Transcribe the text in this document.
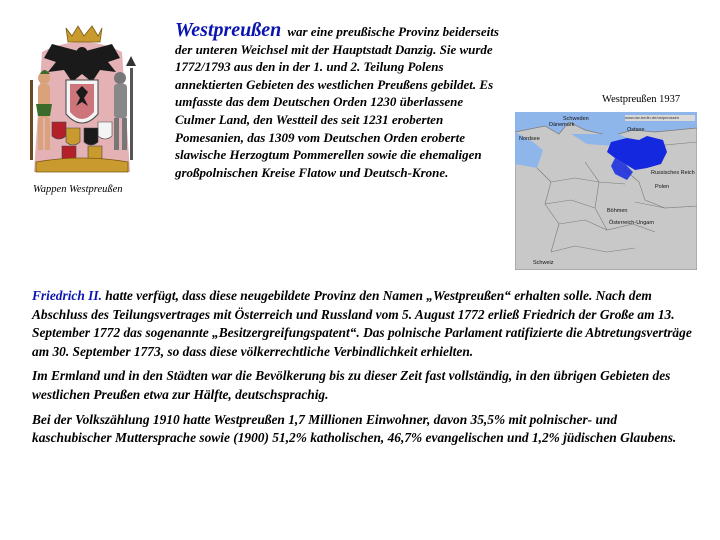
Wappen Westpreußen
Westpreußen war eine preußische Provinz beiderseits der unteren Weichsel mit der Hauptstadt Danzig. Sie wurde 1772/1793 aus den in der 1. und 2. Teilung Polens annektierten Gebieten des westlichen Preußens gebildet. Es umfasste das dem Deutschen Orden 1230 überlassene Culmer Land, den Westteil des seit 1231 eroberten Pomesanien, das 1309 vom Deutschen Orden eroberte slawische Herzogtum Pommerellen sowie die ehemaligen großpolnischen Kreise Flatow und Deutsch-Krone.
Westpreußen 1937
www.dw-berlin.de/ostpreussen
Schweden
Dänemark
Nordsee
Ostsee
Russisches Reich
Polen
Böhmen
Österreich-Ungarn
Schweiz

Friedrich II. hatte verfügt, dass diese neugebildete Provinz den Namen „Westpreußen“ erhalten solle. Nach dem Abschluss des Teilungsvertrages mit Österreich und Russland vom 5. August 1772 erließ Friedrich der Große am 13. September 1772 das sogenannte „Besitzergreifungspatent“. Das polnische Parlament ratifizierte die Abtretungsverträge am 30. September 1773, so dass diese völkerrechtliche Verbindlichkeit erhielten.

Im Ermland und in den Städten war die Bevölkerung bis zu dieser Zeit fast vollständig, in den übrigen Gebieten des westlichen Preußen etwa zur Hälfte, deutschsprachig.

Bei der Volkszählung 1910 hatte Westpreußen 1,7 Millionen Einwohner, davon 35,5% mit polnischer- und kaschubischer Muttersprache sowie (1900) 51,2% katholischen, 46,7% evangelischen und 1,2% jüdischen Glaubens.
